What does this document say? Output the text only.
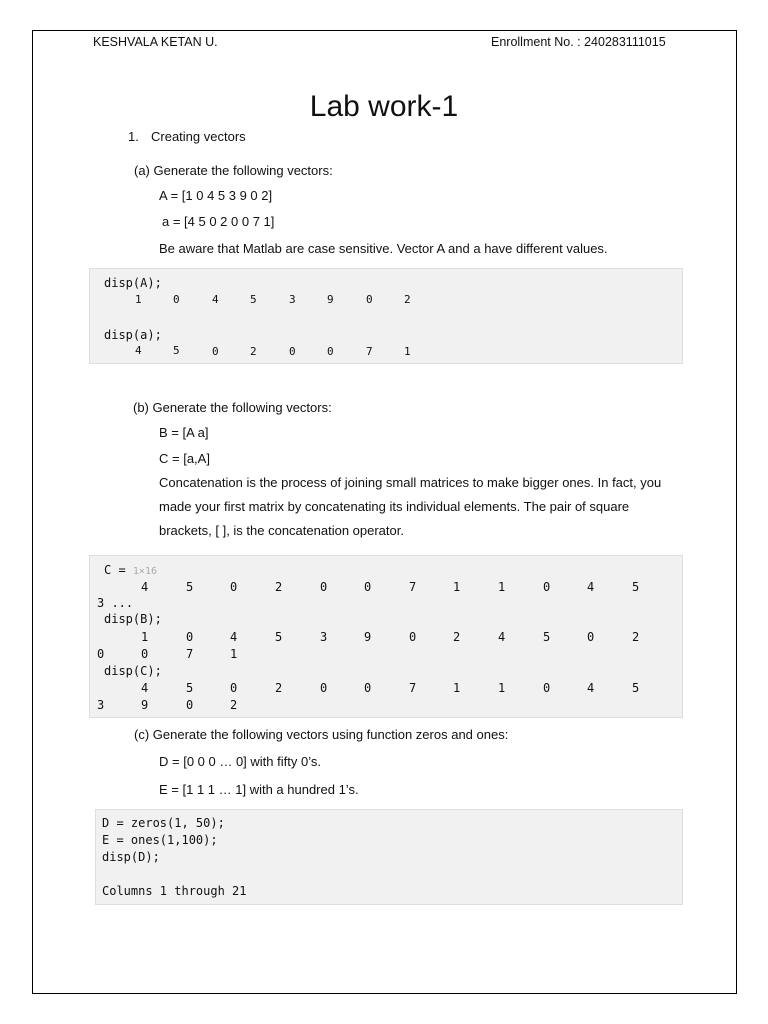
KESHVALA KETAN U.	Enrollment No. : 240283111015
Lab work-1
1. Creating vectors
(a) Generate the following vectors:
A = [1 0 4 5 3 9 0 2]
a = [4 5 0 2 0 0 7 1]
Be aware that Matlab are case sensitive. Vector A and a have different values.
disp(A);
1	0	4	5	3	9	0	2
disp(a);
4	5	0	2	0	0	7	1
(b) Generate the following vectors:
B = [A a]
C = [a,A]
Concatenation is the process of joining small matrices to make bigger ones. In fact, you
made your first matrix by concatenating its individual elements. The pair of square
brackets, [ ], is the concatenation operator.
C = 1×16
4	5	0	2	0	0	7	1	1	0	4	5
3 ...
disp(B);
1	0	4	5	3	9	0	2	4	5	0	2
0	0	7	1
disp(C);
4	5	0	2	0	0	7	1	1	0	4	5
3	9	0	2
(c) Generate the following vectors using function zeros and ones:
D = [0 0 0 … 0] with fifty 0’s.
E = [1 1 1 … 1] with a hundred 1’s.
D = zeros(1, 50);
E = ones(1,100);
disp(D);
Columns 1 through 21
